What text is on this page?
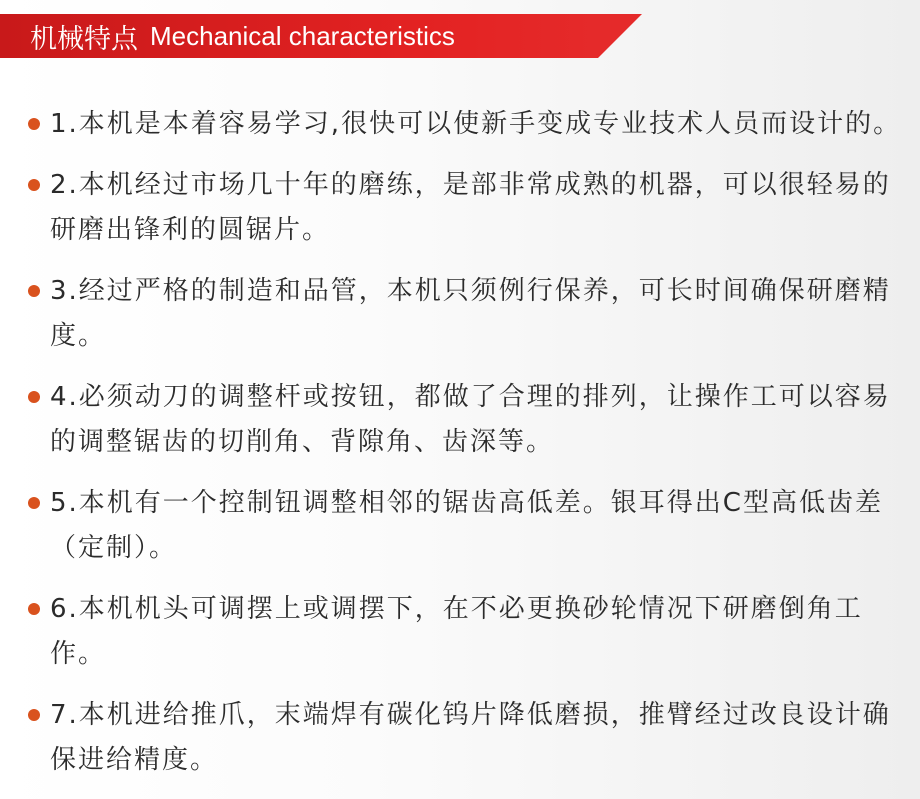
机械特点 Mechanical characteristics
1.本机是本着容易学习,很快可以使新手变成专业技术人员而设计的。
2.本机经过市场几十年的磨练，是部非常成熟的机器，可以很轻易的研磨出锋利的圆锯片。
3.经过严格的制造和品管，本机只须例行保养，可长时间确保研磨精度。
4.必须动刀的调整杆或按钮，都做了合理的排列，让操作工可以容易的调整锯齿的切削角、背隙角、齿深等。
5.本机有一个控制钮调整相邻的锯齿高低差。银耳得出C型高低齿差（定制）。
6.本机机头可调摆上或调摆下，在不必更换砂轮情况下研磨倒角工作。
7.本机进给推爪，末端焊有碳化钨片降低磨损，推臂经过改良设计确保进给精度。
